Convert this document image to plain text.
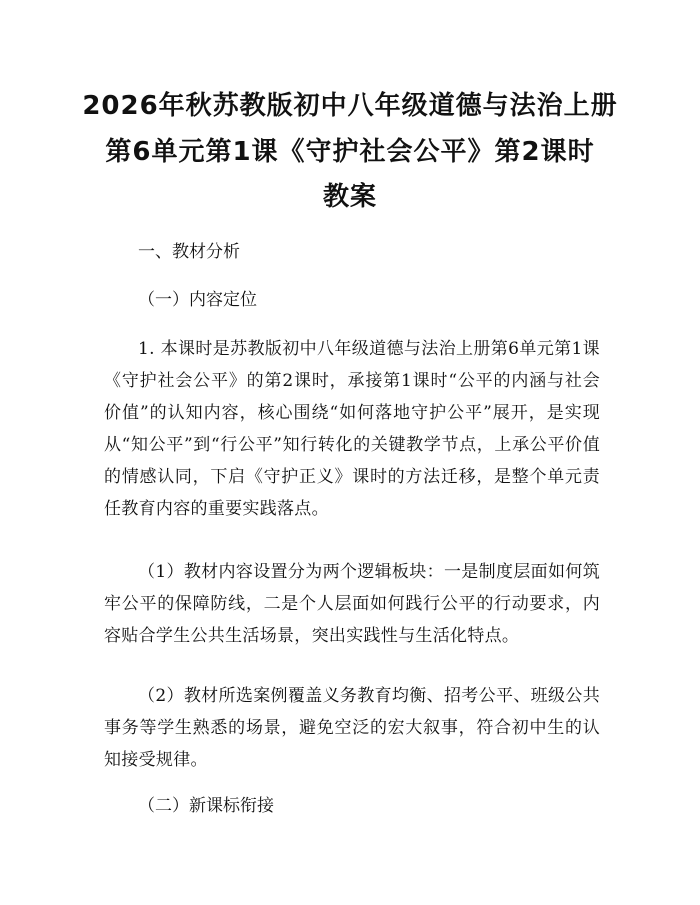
2026年秋苏教版初中八年级道德与法治上册
第6单元第1课《守护社会公平》第2课时
教案

一、教材分析

（一）内容定位

1. 本课时是苏教版初中八年级道德与法治上册第6单元第1课《守护社会公平》的第2课时，承接第1课时“公平的内涵与社会价值”的认知内容，核心围绕“如何落地守护公平”展开，是实现从“知公平”到“行公平”知行转化的关键教学节点，上承公平价值的情感认同，下启《守护正义》课时的方法迁移，是整个单元责任教育内容的重要实践落点。

（1）教材内容设置分为两个逻辑板块：一是制度层面如何筑牢公平的保障防线，二是个人层面如何践行公平的行动要求，内容贴合学生公共生活场景，突出实践性与生活化特点。

（2）教材所选案例覆盖义务教育均衡、招考公平、班级公共事务等学生熟悉的场景，避免空泛的宏大叙事，符合初中生的认知接受规律。

（二）新课标衔接
